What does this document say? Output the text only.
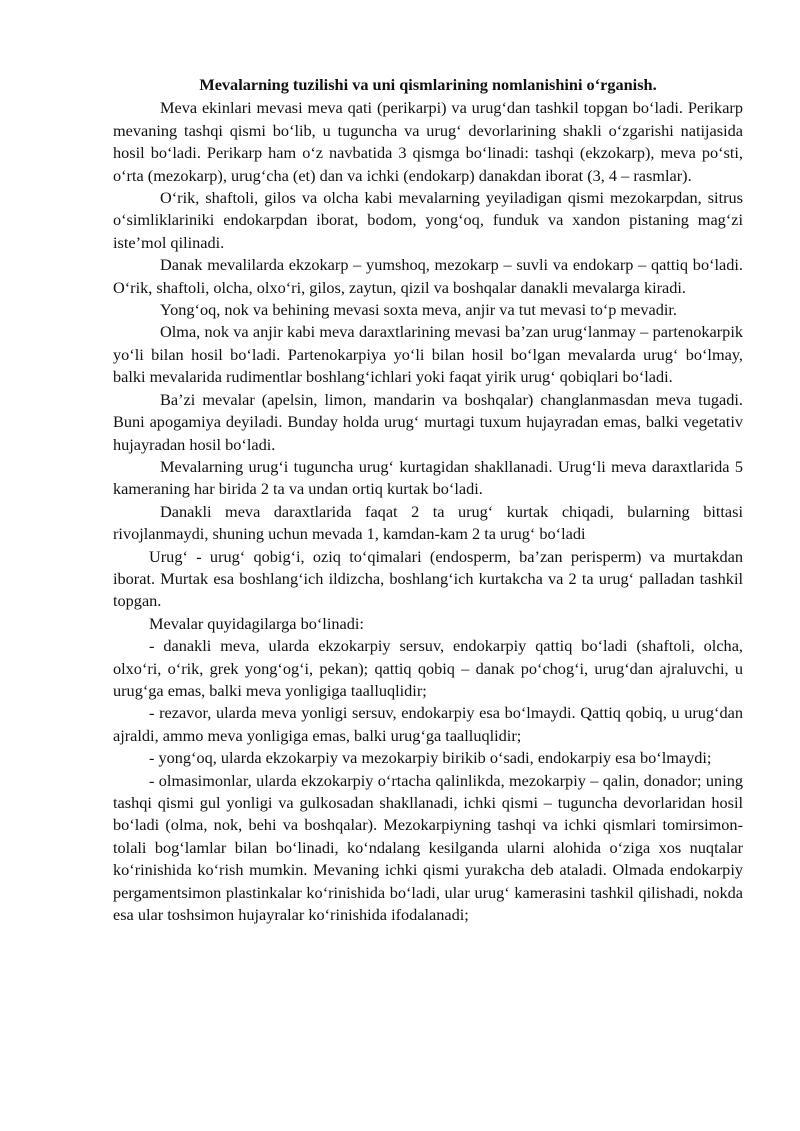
Mevalarning tuzilishi va uni qismlarining nomlanishini oʻrganish.

Meva ekinlari mevasi meva qati (perikarpi) va urugʻdan tashkil topgan boʻladi. Perikarp mevaning tashqi qismi boʻlib, u tuguncha va urugʻ devorlarining shakli oʻzgarishi natijasida hosil boʻladi. Perikarp ham oʻz navbatida 3 qismga boʻlinadi: tashqi (ekzokarp), meva poʻsti, oʻrta (mezokarp), urugʻcha (et) dan va ichki (endokarp) danakdan iborat (3, 4 – rasmlar).

Oʻrik, shaftoli, gilos va olcha kabi mevalarning yeyiladigan qismi mezokarpdan, sitrus oʻsimliklariniki endokarpdan iborat, bodom, yongʻoq, funduk va xandon pistaning magʻzi isteʼmol qilinadi.

Danak mevalilarda ekzokarp – yumshoq, mezokarp – suvli va endokarp – qattiq boʻladi. Oʻrik, shaftoli, olcha, olxoʻri, gilos, zaytun, qizil va boshqalar danakli mevalarga kiradi.

Yongʻoq, nok va behining mevasi soxta meva, anjir va tut mevasi toʻp mevadir.

Olma, nok va anjir kabi meva daraxtlarining mevasi baʼzan urugʻlanmay – partenokarpik yoʻli bilan hosil boʻladi. Partenokarpiya yoʻli bilan hosil boʻlgan mevalarda urugʻ boʻlmay, balki mevalarida rudimentlar boshlangʻichlari yoki faqat yirik urugʻ qobiqlari boʻladi.

Baʼzi mevalar (apelsin, limon, mandarin va boshqalar) changlanmasdan meva tugadi. Buni apogamiya deyiladi. Bunday holda urugʻ murtagi tuxum hujayradan emas, balki vegetativ hujayradan hosil boʻladi.

Mevalarning urugʻi tuguncha urugʻ kurtagidan shakllanadi. Urugʻli meva daraxtlarida 5 kameraning har birida 2 ta va undan ortiq kurtak boʻladi.

Danakli meva daraxtlarida faqat 2 ta urugʻ kurtak chiqadi, bularning bittasi rivojlanmaydi, shuning uchun mevada 1, kamdan-kam 2 ta urugʻ boʻladi

Urugʻ - urugʻ qobigʻi, oziq toʻqimalari (endosperm, baʼzan perisperm) va murtakdan iborat. Murtak esa boshlangʻich ildizcha, boshlangʻich kurtakcha va 2 ta urugʻ palladan tashkil topgan.

Mevalar quyidagilarga boʻlinadi:

- danakli meva, ularda ekzokarpiy sersuv, endokarpiy qattiq boʻladi (shaftoli, olcha, olxoʻri, oʻrik, grek yongʻogʻi, pekan); qattiq qobiq – danak poʻchogʻi, urugʻdan ajraluvchi, u urugʻga emas, balki meva yonligiga taalluqlidir;

- rezavor, ularda meva yonligi sersuv, endokarpiy esa boʻlmaydi. Qattiq qobiq, u urugʻdan ajraldi, ammo meva yonligiga emas, balki urugʻga taalluqlidir;

- yongʻoq, ularda ekzokarpiy va mezokarpiy birikib oʻsadi, endokarpiy esa boʻlmaydi;

- olmasimonlar, ularda ekzokarpiy oʻrtacha qalinlikda, mezokarpiy – qalin, donador; uning tashqi qismi gul yonligi va gulkosadan shakllanadi, ichki qismi – tuguncha devorlaridan hosil boʻladi (olma, nok, behi va boshqalar). Mezokarpiyning tashqi va ichki qismlari tomirsimon-tolali bogʻlamlar bilan boʻlinadi, koʻndalang kesilganda ularni alohida oʻziga xos nuqtalar koʻrinishida koʻrish mumkin. Mevaning ichki qismi yurakcha deb ataladi. Olmada endokarpiy pergamentsimon plastinkalar koʻrinishida boʻladi, ular urugʻ kamerasini tashkil qilishadi, nokda esa ular toshsimon hujayralar koʻrinishida ifodalanadi;
